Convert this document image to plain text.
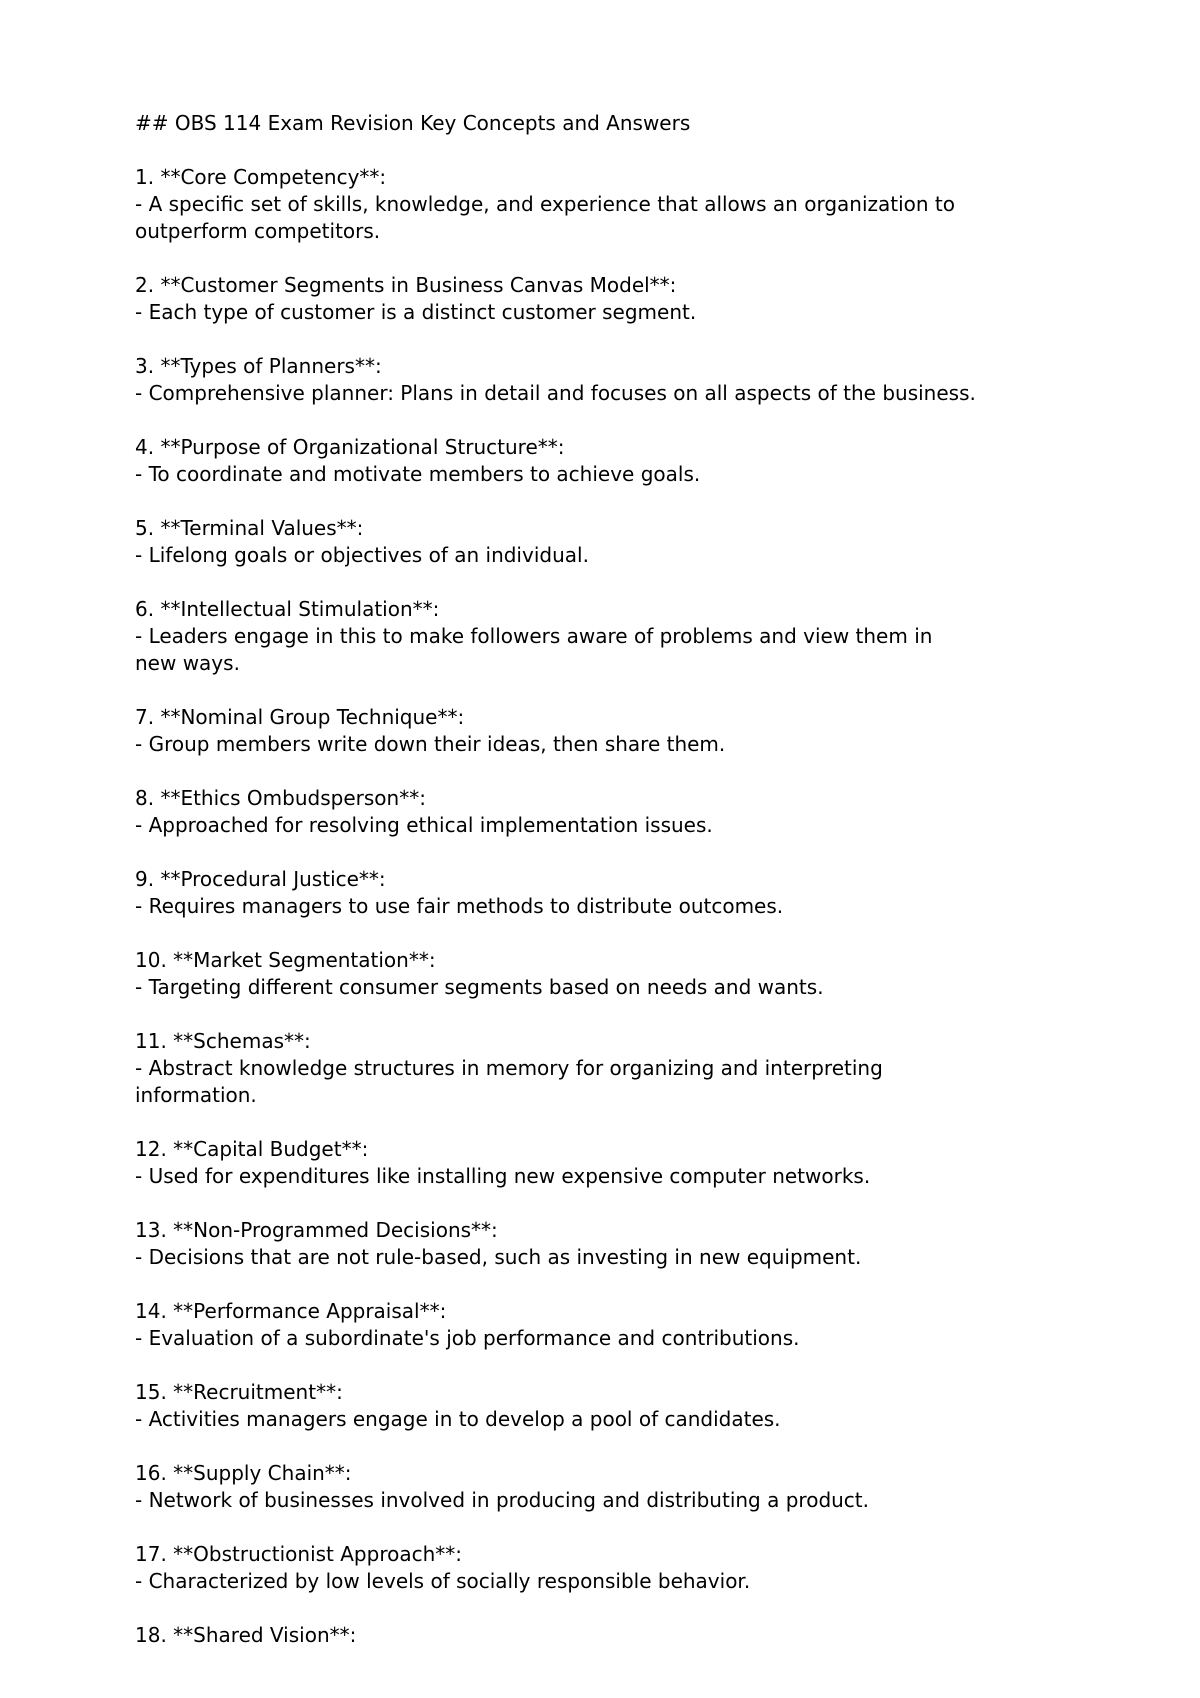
## OBS 114 Exam Revision Key Concepts and Answers
1. **Core Competency**:
- A specific set of skills, knowledge, and experience that allows an organization to
outperform competitors.
2. **Customer Segments in Business Canvas Model**:
- Each type of customer is a distinct customer segment.
3. **Types of Planners**:
- Comprehensive planner: Plans in detail and focuses on all aspects of the business.
4. **Purpose of Organizational Structure**:
- To coordinate and motivate members to achieve goals.
5. **Terminal Values**:
- Lifelong goals or objectives of an individual.
6. **Intellectual Stimulation**:
- Leaders engage in this to make followers aware of problems and view them in
new ways.
7. **Nominal Group Technique**:
- Group members write down their ideas, then share them.
8. **Ethics Ombudsperson**:
- Approached for resolving ethical implementation issues.
9. **Procedural Justice**:
- Requires managers to use fair methods to distribute outcomes.
10. **Market Segmentation**:
- Targeting different consumer segments based on needs and wants.
11. **Schemas**:
- Abstract knowledge structures in memory for organizing and interpreting
information.
12. **Capital Budget**:
- Used for expenditures like installing new expensive computer networks.
13. **Non-Programmed Decisions**:
- Decisions that are not rule-based, such as investing in new equipment.
14. **Performance Appraisal**:
- Evaluation of a subordinate's job performance and contributions.
15. **Recruitment**:
- Activities managers engage in to develop a pool of candidates.
16. **Supply Chain**:
- Network of businesses involved in producing and distributing a product.
17. **Obstructionist Approach**:
- Characterized by low levels of socially responsible behavior.
18. **Shared Vision**:
